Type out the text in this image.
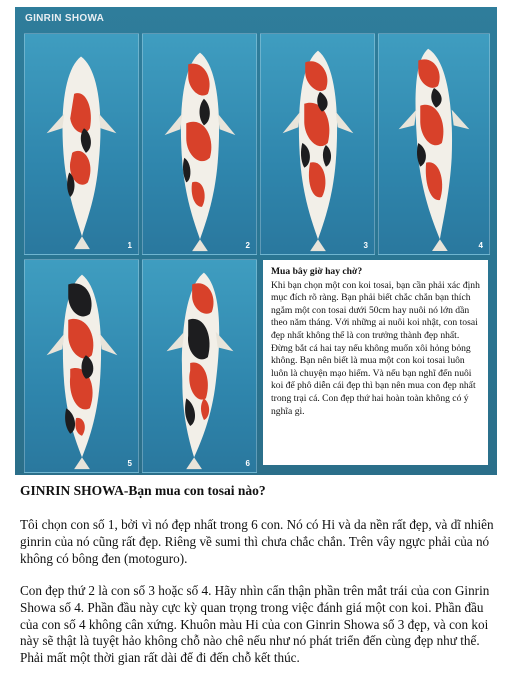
GINRIN SHOWA
1	2	3	4
5	6
Mua bây giờ hay chờ?
Khi bạn chọn một con koi tosai, bạn cần phải xác định mục đích rõ ràng. Bạn phải biết chắc chắn bạn thích ngắm một con tosai dưới 50cm hay nuôi nó lớn dần theo năm tháng. Với những ai nuôi koi nhật, con tosai đẹp nhất không thể là con trưởng thành đẹp nhất. Đừng bắt cá hai tay nếu không muốn xôi hỏng bỏng không. Bạn nên biết là mua một con koi tosai luôn luôn là chuyện mạo hiểm. Và nếu bạn nghĩ đến nuôi koi để phô diễn cái đẹp thì bạn nên mua con đẹp nhất trong trại cá. Con đẹp thứ hai hoàn toàn không có ý nghĩa gì.
GINRIN SHOWA-Bạn mua con tosai nào?
Tôi chọn con số 1, bởi vì nó đẹp nhất trong 6 con. Nó có Hi và da nền rất đẹp, và dĩ nhiên ginrin của nó cũng rất đẹp. Riêng về sumi thì chưa chắc chắn. Trên vây ngực phải của nó không có bông đen (motoguro).
Con đẹp thứ 2 là con số 3 hoặc số 4. Hãy nhìn cẩn thận phần trên mắt trái của con Ginrin Showa số 4. Phần đầu này cực kỳ quan trọng trong việc đánh giá một con koi. Phần đầu của con số 4 không cân xứng. Khuôn màu Hi của con Ginrin Showa số 3 đẹp, và con koi này sẽ thật là tuyệt hảo không chỗ nào chê nếu như nó phát triển đến cùng đẹp như thế. Phải mất một thời gian rất dài để đi đến chỗ kết thúc.
